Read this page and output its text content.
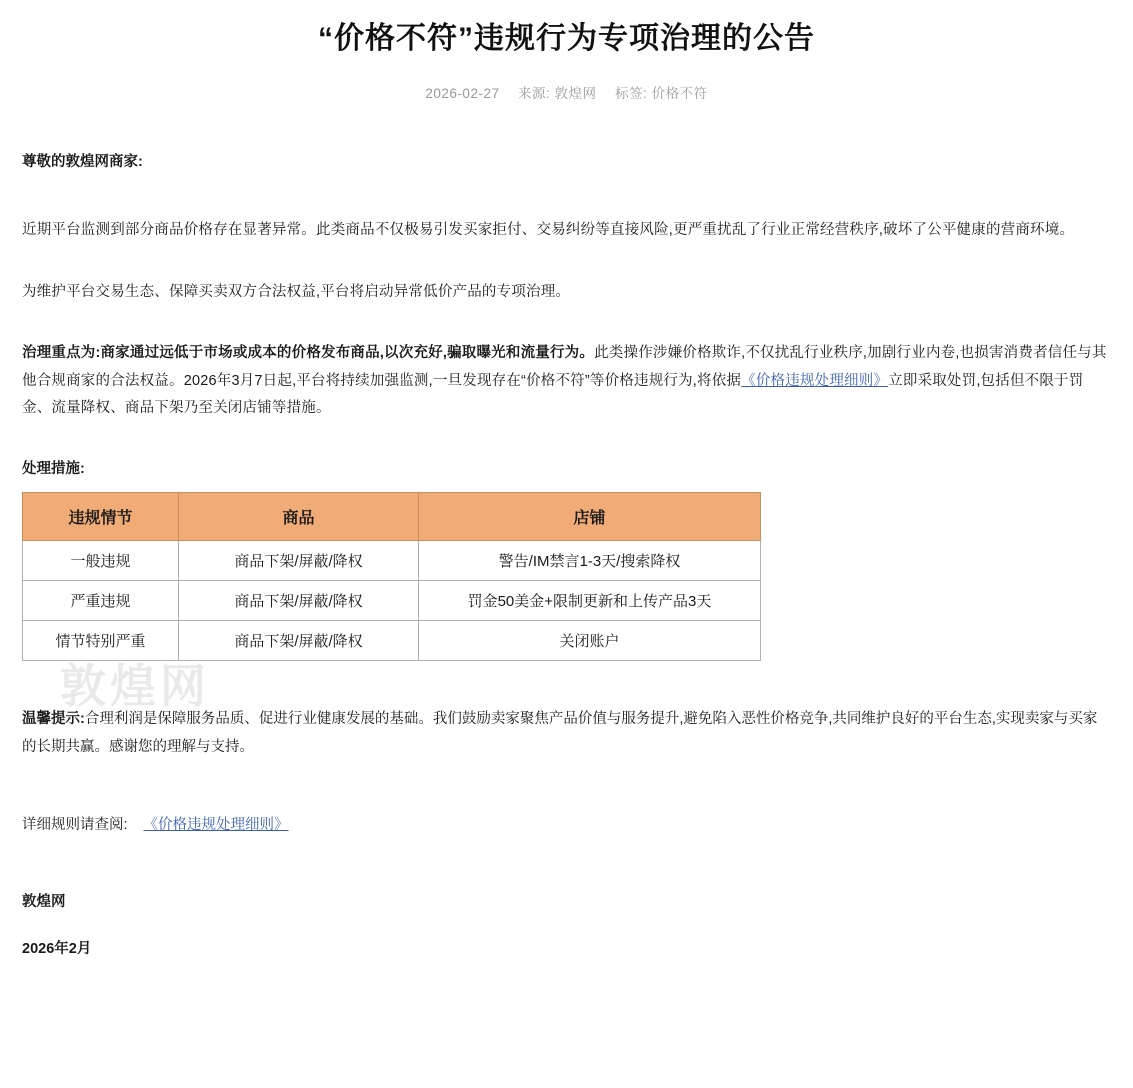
“价格不符”违规行为专项治理的公告
2026-02-27 来源: 敦煌网 标签: 价格不符
敦煌网

尊敬的敦煌网商家:

近期平台监测到部分商品价格存在显著异常。此类商品不仅极易引发买家拒付、交易纠纷等直接风险,更严重扰乱了行业正常经营秩序,破坏了公平健康的营商环境。

为维护平台交易生态、保障买卖双方合法权益,平台将启动异常低价产品的专项治理。

治理重点为:商家通过远低于市场或成本的价格发布商品,以次充好,骗取曝光和流量行为。此类操作涉嫌价格欺诈,不仅扰乱行业秩序,加剧行业内卷,也损害消费者信任与其他合规商家的合法权益。2026年3月7日起,平台将持续加强监测,一旦发现存在“价格不符”等价格违规行为,将依据《价格违规处理细则》立即采取处罚,包括但不限于罚金、流量降权、商品下架乃至关闭店铺等措施。

处理措施:
违规情节	商品	店铺
一般违规	商品下架/屏蔽/降权	警告/IM禁言1-3天/搜索降权
严重违规	商品下架/屏蔽/降权	罚金50美金+限制更新和上传产品3天
情节特别严重	商品下架/屏蔽/降权	关闭账户

温馨提示:合理利润是保障服务品质、促进行业健康发展的基础。我们鼓励卖家聚焦产品价值与服务提升,避免陷入恶性价格竞争,共同维护良好的平台生态,实现卖家与买家的长期共赢。感谢您的理解与支持。

详细规则请查阅: 《价格违规处理细则》

敦煌网

2026年2月
